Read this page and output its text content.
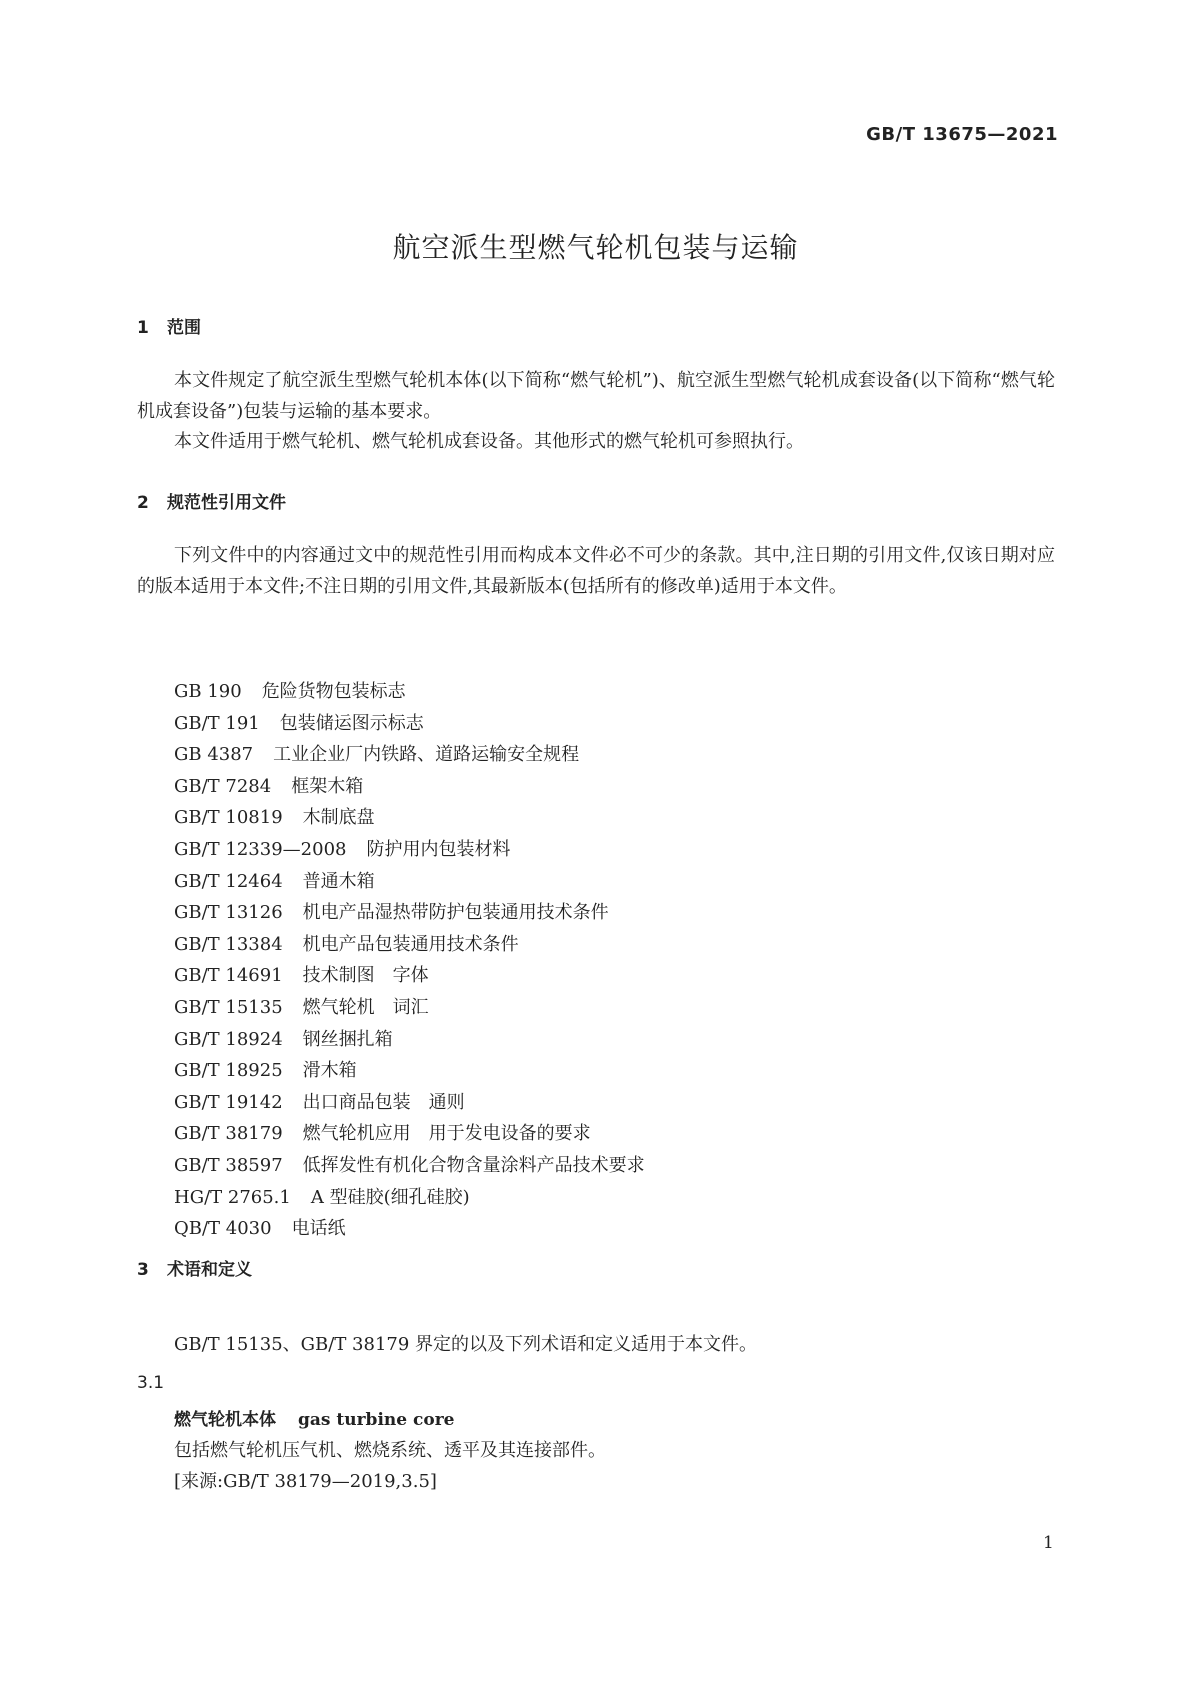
GB/T 13675—2021
航空派生型燃气轮机包装与运输
1 范围
本文件规定了航空派生型燃气轮机本体(以下简称“燃气轮机”)、航空派生型燃气轮机成套设备(以下简称“燃气轮机成套设备”)包装与运输的基本要求。
本文件适用于燃气轮机、燃气轮机成套设备。其他形式的燃气轮机可参照执行。
2 规范性引用文件
下列文件中的内容通过文中的规范性引用而构成本文件必不可少的条款。其中,注日期的引用文件,仅该日期对应的版本适用于本文件;不注日期的引用文件,其最新版本(包括所有的修改单)适用于本文件。
GB 190 危险货物包装标志
GB/T 191 包装储运图示标志
GB 4387 工业企业厂内铁路、道路运输安全规程
GB/T 7284 框架木箱
GB/T 10819 木制底盘
GB/T 12339—2008 防护用内包装材料
GB/T 12464 普通木箱
GB/T 13126 机电产品湿热带防护包装通用技术条件
GB/T 13384 机电产品包装通用技术条件
GB/T 14691 技术制图　字体
GB/T 15135 燃气轮机　词汇
GB/T 18924 钢丝捆扎箱
GB/T 18925 滑木箱
GB/T 19142 出口商品包装　通则
GB/T 38179 燃气轮机应用　用于发电设备的要求
GB/T 38597 低挥发性有机化合物含量涂料产品技术要求
HG/T 2765.1 A 型硅胶(细孔硅胶)
QB/T 4030 电话纸
3 术语和定义
GB/T 15135、GB/T 38179 界定的以及下列术语和定义适用于本文件。
3.1
燃气轮机本体 gas turbine core
包括燃气轮机压气机、燃烧系统、透平及其连接部件。
[来源:GB/T 38179—2019,3.5]
1
